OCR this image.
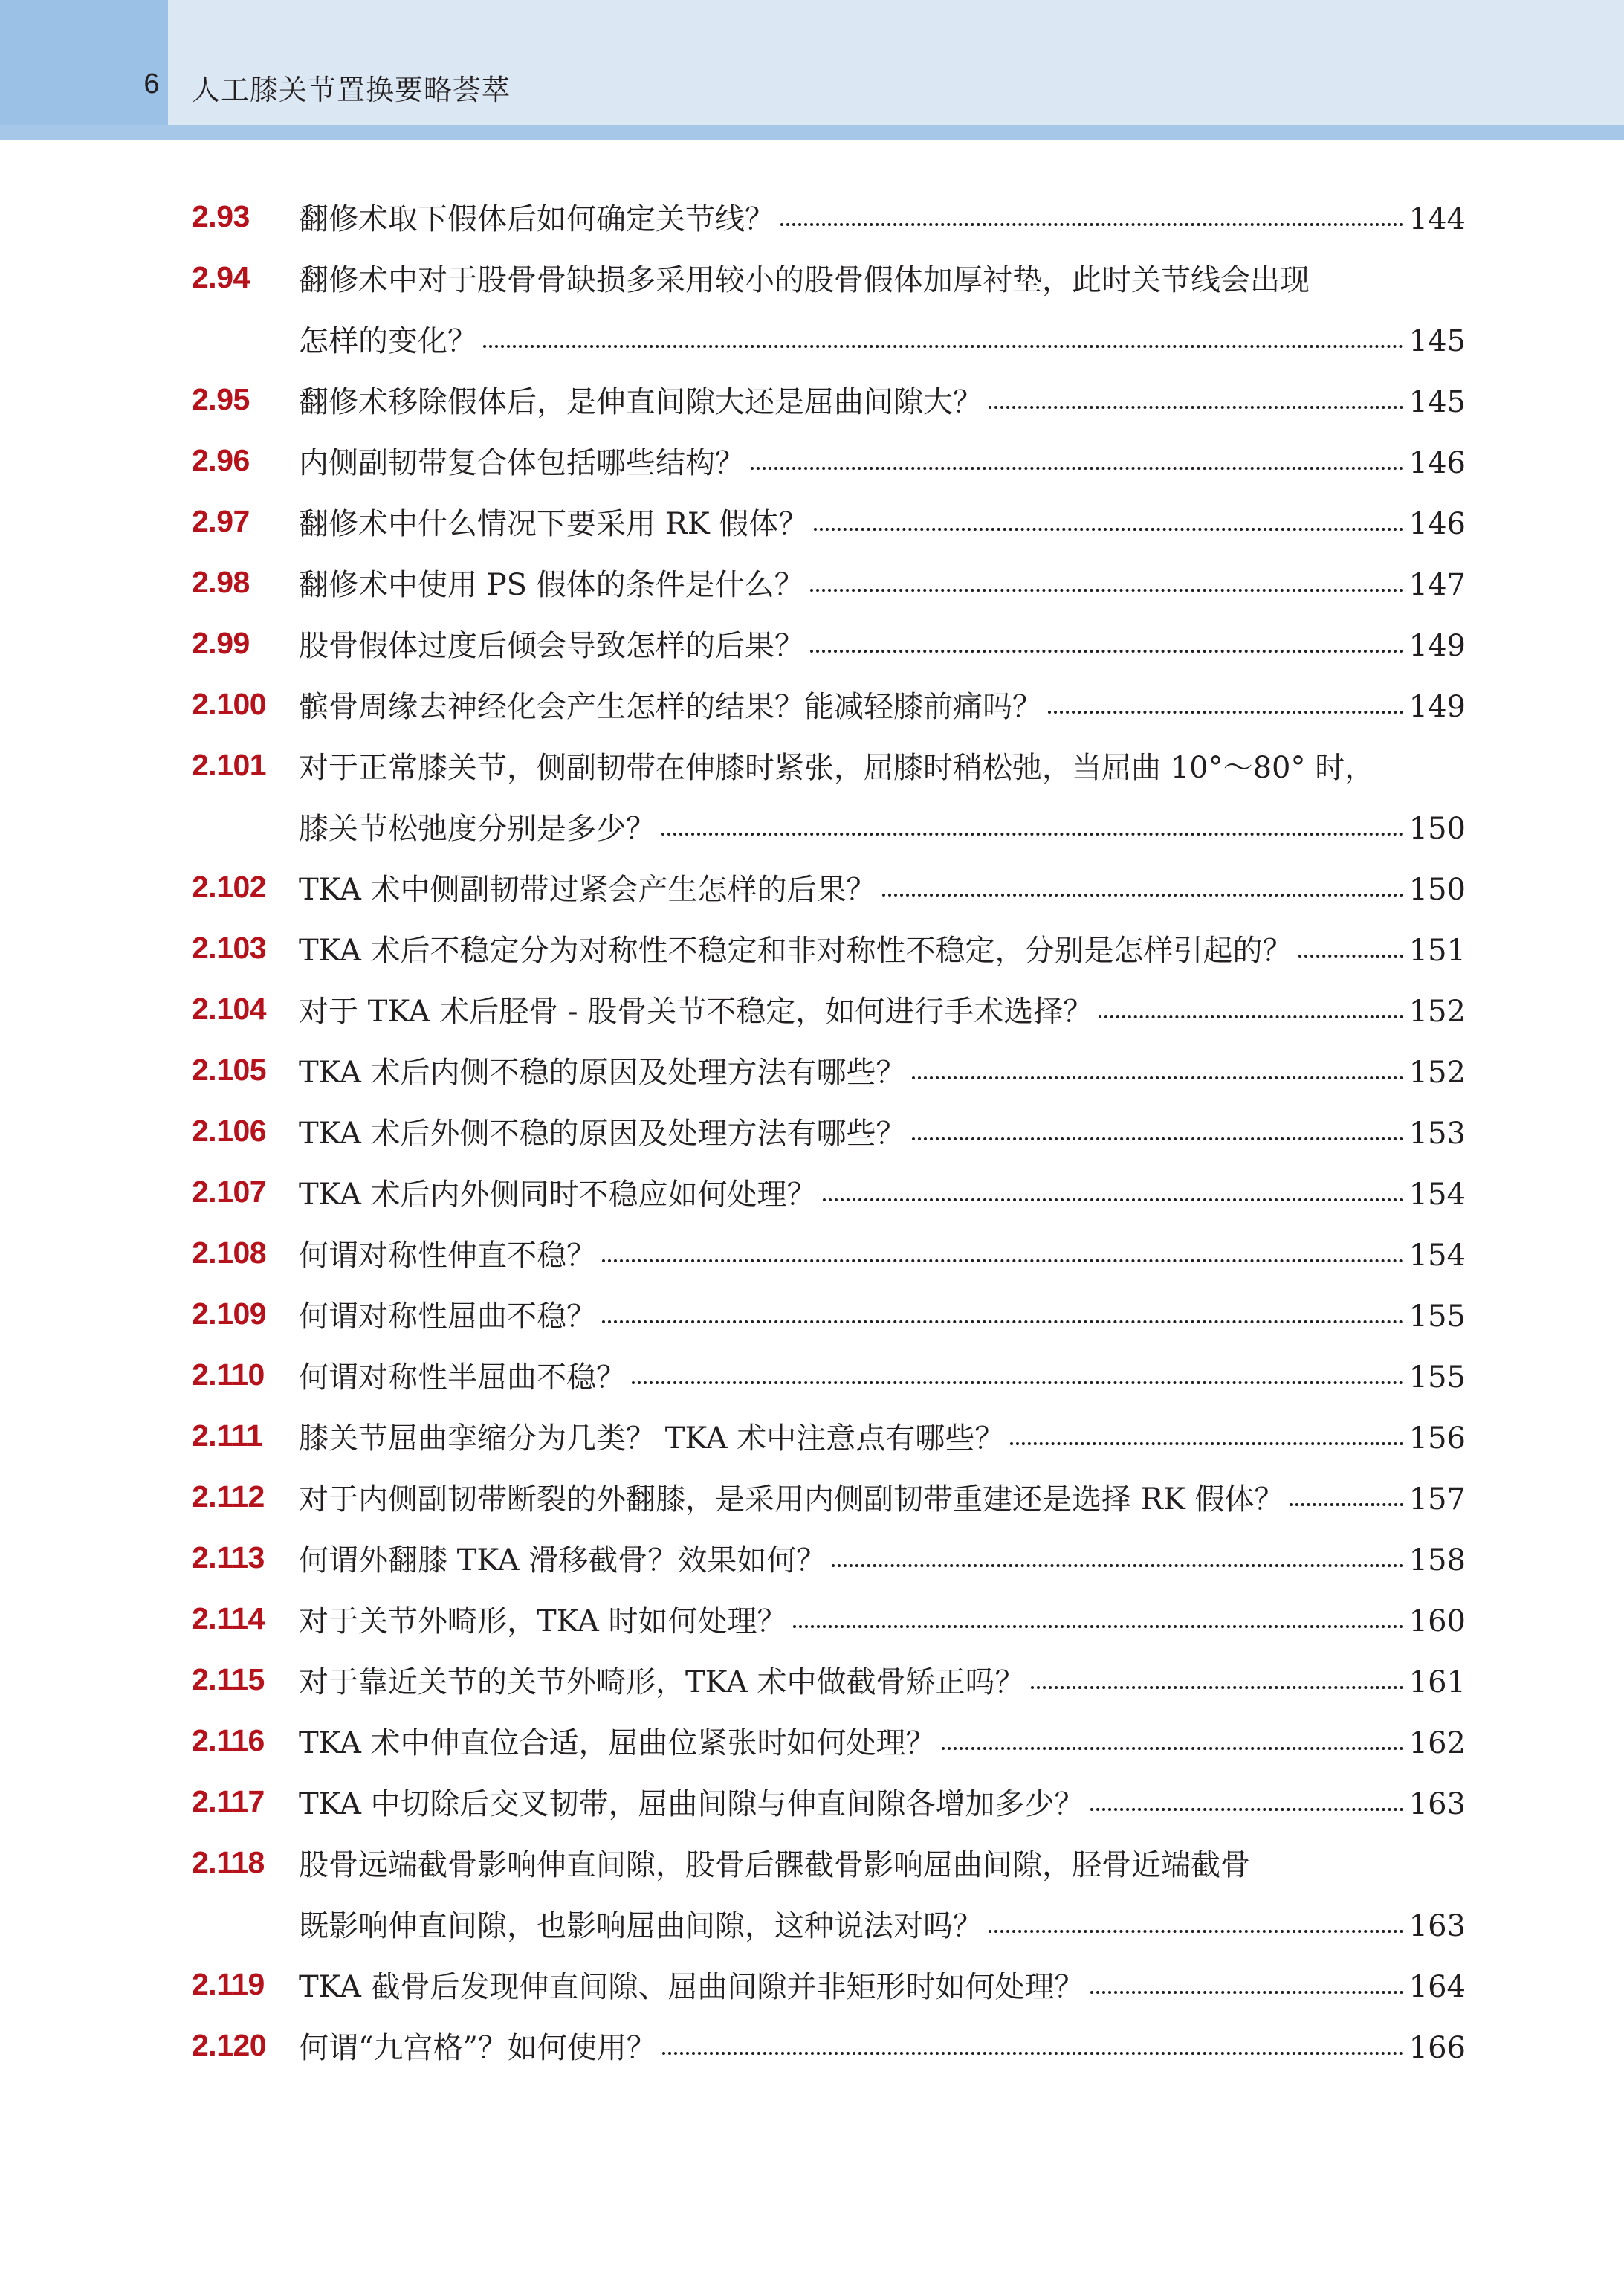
6 人工膝关节置换要略荟萃
2.93 翻修术取下假体后如何确定关节线？	144
2.94 翻修术中对于股骨骨缺损多采用较小的股骨假体加厚衬垫，此时关节线会出现
怎样的变化？	145
2.95 翻修术移除假体后，是伸直间隙大还是屈曲间隙大？	145
2.96 内侧副韧带复合体包括哪些结构？	146
2.97 翻修术中什么情况下要采用 RK 假体？	146
2.98 翻修术中使用 PS 假体的条件是什么？	147
2.99 股骨假体过度后倾会导致怎样的后果？	149
2.100 髌骨周缘去神经化会产生怎样的结果？能减轻膝前痛吗？	149
2.101 对于正常膝关节，侧副韧带在伸膝时紧张，屈膝时稍松弛，当屈曲 10°～80° 时，
膝关节松弛度分别是多少？	150
2.102 TKA 术中侧副韧带过紧会产生怎样的后果？	150
2.103 TKA 术后不稳定分为对称性不稳定和非对称性不稳定，分别是怎样引起的？	151
2.104 对于 TKA 术后胫骨 - 股骨关节不稳定，如何进行手术选择？	152
2.105 TKA 术后内侧不稳的原因及处理方法有哪些？	152
2.106 TKA 术后外侧不稳的原因及处理方法有哪些？	153
2.107 TKA 术后内外侧同时不稳应如何处理？	154
2.108 何谓对称性伸直不稳？	154
2.109 何谓对称性屈曲不稳？	155
2.110 何谓对称性半屈曲不稳？	155
2.111 膝关节屈曲挛缩分为几类？ TKA 术中注意点有哪些？	156
2.112 对于内侧副韧带断裂的外翻膝，是采用内侧副韧带重建还是选择 RK 假体？	157
2.113 何谓外翻膝 TKA 滑移截骨？效果如何？	158
2.114 对于关节外畸形，TKA 时如何处理？	160
2.115 对于靠近关节的关节外畸形，TKA 术中做截骨矫正吗？	161
2.116 TKA 术中伸直位合适，屈曲位紧张时如何处理？	162
2.117 TKA 中切除后交叉韧带，屈曲间隙与伸直间隙各增加多少？	163
2.118 股骨远端截骨影响伸直间隙，股骨后髁截骨影响屈曲间隙，胫骨近端截骨
既影响伸直间隙，也影响屈曲间隙，这种说法对吗？	163
2.119 TKA 截骨后发现伸直间隙、屈曲间隙并非矩形时如何处理？	164
2.120 何谓“九宫格”？如何使用？	166
